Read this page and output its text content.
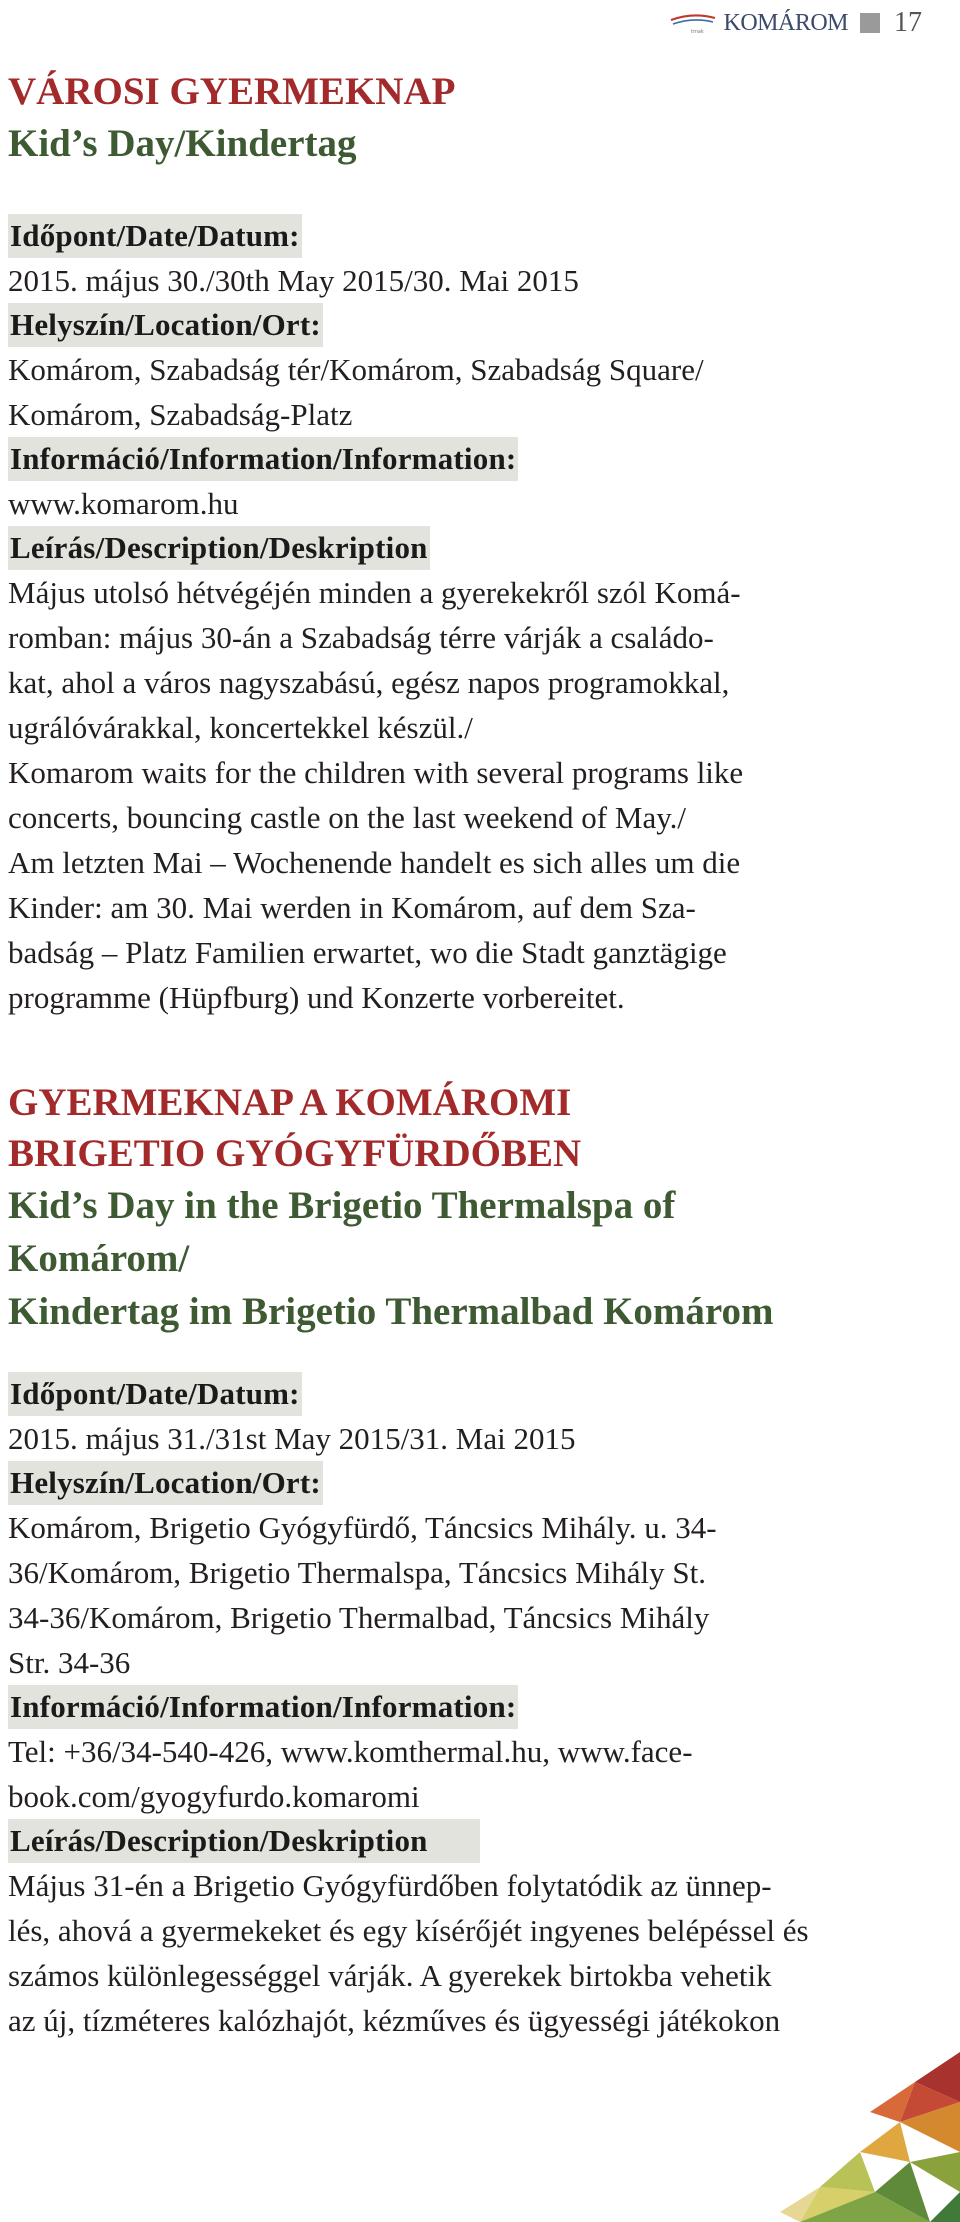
tmak KOMÁROM 17

VÁROSI GYERMEKNAP

Kid’s Day/Kindertag

Időpont/Date/Datum:

2015. május 30./30th May 2015/30. Mai 2015

Helyszín/Location/Ort:

Komárom, Szabadság tér/Komárom, Szabadság Square/

Komárom, Szabadság-Platz

Információ/Information/Information:

www.komarom.hu

Leírás/Description/Deskription

Május utolsó hétvégéjén minden a gyerekekről szól Komá-

romban: május 30-án a Szabadság térre várják a családo-

kat, ahol a város nagyszabású, egész napos programokkal,

ugrálóvárakkal, koncertekkel készül./

Komarom waits for the children with several programs like

concerts, bouncing castle on the last weekend of May./

Am letzten Mai – Wochenende handelt es sich alles um die

Kinder: am 30. Mai werden in Komárom, auf dem Sza-

badság – Platz Familien erwartet, wo die Stadt ganztägige

programme (Hüpfburg) und Konzerte vorbereitet.

GYERMEKNAP A KOMÁROMI

BRIGETIO GYÓGYFÜRDŐBEN

Kid’s Day in the Brigetio Thermalspa of

Komárom/

Kindertag im Brigetio Thermalbad Komárom

Időpont/Date/Datum:

2015. május 31./31st May 2015/31. Mai 2015

Helyszín/Location/Ort:

Komárom, Brigetio Gyógyfürdő, Táncsics Mihály. u. 34-

36/Komárom, Brigetio Thermalspa, Táncsics Mihály St.

34-36/Komárom, Brigetio Thermalbad, Táncsics Mihály

Str. 34-36

Információ/Information/Information:

Tel: +36/34-540-426, www.komthermal.hu, www.face-

book.com/gyogyfurdo.komaromi

Leírás/Description/Deskription

Május 31-én a Brigetio Gyógyfürdőben folytatódik az ünnep-

lés, ahová a gyermekeket és egy kísérőjét ingyenes belépéssel és

számos különlegességgel várják. A gyerekek birtokba vehetik

az új, tízméteres kalózhajót, kézműves és ügyességi játékokon
